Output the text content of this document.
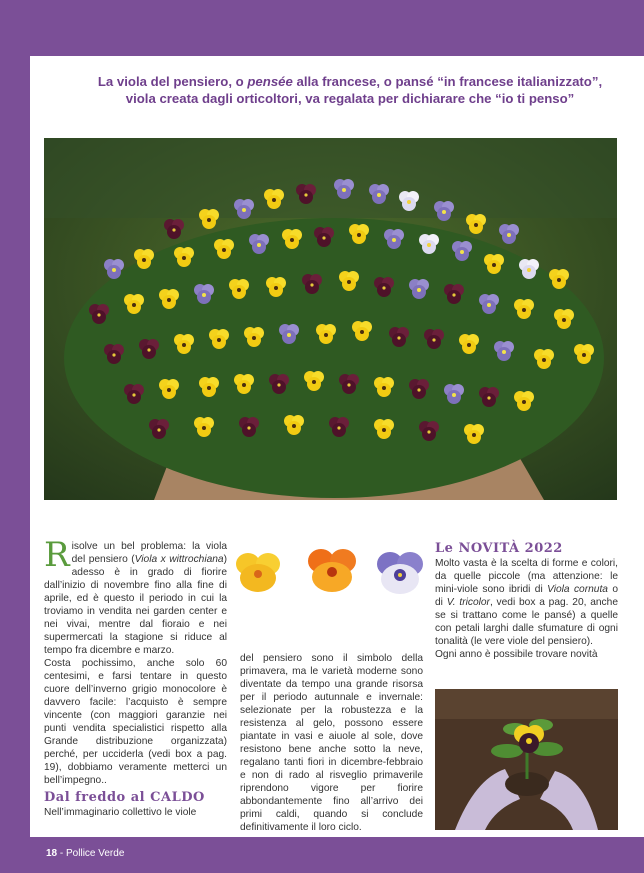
La viola del pensiero, o pensée alla francese, o pansé “in francese italianizzato”,
viola creata dagli orticoltori, va regalata per dichiarare che “io ti penso”

Risolve un bel problema: la viola del pensiero (Viola x wittrochiana) adesso è in grado di fiorire dall’inizio di novembre fino alla fine di aprile, ed è questo il periodo in cui la troviamo in vendita nei garden center e nei vivai, mentre dal fioraio e nei supermercati la stagione si riduce al tempo fra dicembre e marzo.

Costa pochissimo, anche solo 60 centesimi, e farsi tentare in questo cuore dell’inverno grigio monocolore è davvero facile: l’acquisto è sempre vincente (con maggiori garanzie nei punti vendita specialistici rispetto alla Grande distribuzione organizzata) perché, per ucciderla (vedi box a pag. 19), dobbiamo veramente metterci un bell’impegno..

Dal freddo al CALDO

Nell’immaginario collettivo le viole

del pensiero sono il simbolo della primavera, ma le varietà moderne sono diventate da tempo una grande risorsa per il periodo autunnale e invernale: selezionate per la robustezza e la resistenza al gelo, possono essere piantate in vasi e aiuole al sole, dove resistono bene anche sotto la neve, regalano tanti fiori in dicembre-febbraio e non di rado al risveglio primaverile riprendono vigore per fiorire abbondantemente fino all’arrivo dei primi caldi, quando si conclude definitivamente il loro ciclo.

Le NOVITÀ 2022

Molto vasta è la scelta di forme e colori, da quelle piccole (ma attenzione: le mini-viole sono ibridi di Viola cornuta o di V. tricolor, vedi box a pag. 20, anche se si trattano come le pansé) a quelle con petali larghi dalle sfumature di ogni tonalità (le vere viole del pensiero).

Ogni anno è possibile trovare novità

18 - Pollice Verde
